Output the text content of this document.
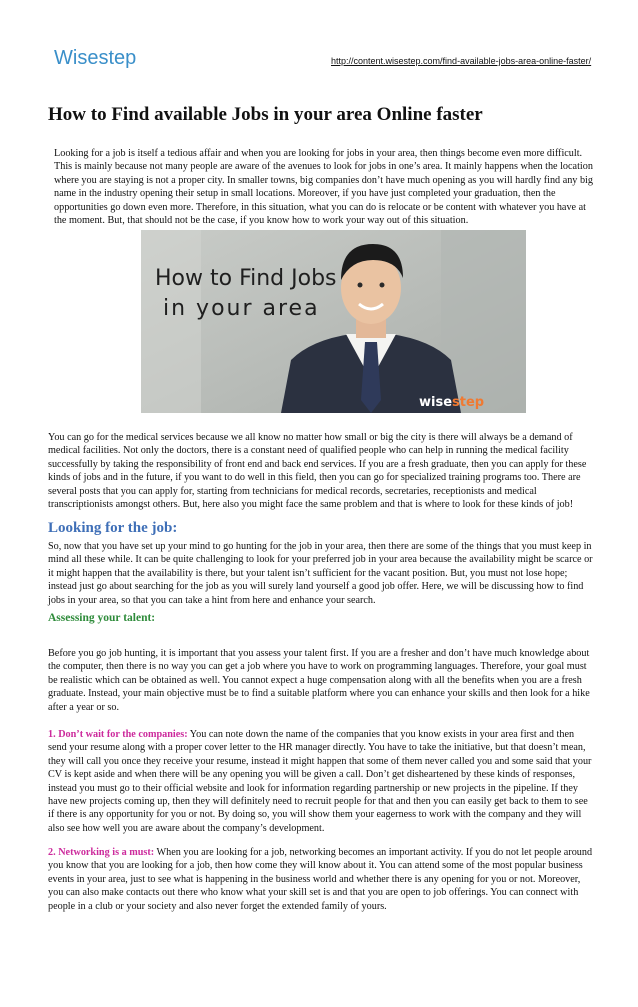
Wisestep	http://content.wisestep.com/find-available-jobs-area-online-faster/
How to Find available Jobs in your area Online faster

Looking for a job is itself a tedious affair and when you are looking for jobs in your area, then things become even more difficult. This is mainly because not many people are aware of the avenues to look for jobs in one’s area. It mainly happens when the location where you are staying is not a proper city. In smaller towns, big companies don’t have much opening as you will hardly find any big name in the industry opening their setup in small locations. Moreover, if you have just completed your graduation, then the opportunities go down even more. Therefore, in this situation, what you can do is relocate or be content with whatever you have at the moment. But, that should not be the case, if you know how to work your way out of this situation.

How to Find Jobs
in your area
wisestep

You can go for the medical services because we all know no matter how small or big the city is there will always be a demand of medical facilities. Not only the doctors, there is a constant need of qualified people who can help in running the medical facility successfully by taking the responsibility of front end and back end services. If you are a fresh graduate, then you can apply for these kinds of jobs and in the future, if you want to do well in this field, then you can go for specialized training programs too. There are several posts that you can apply for, starting from technicians for medical records, secretaries, receptionists and medical transcriptionists amongst others. But, here also you might face the same problem and that is where to look for these kinds of job!

Looking for the job:

So, now that you have set up your mind to go hunting for the job in your area, then there are some of the things that you must keep in mind all these while. It can be quite challenging to look for your preferred job in your area because the availability might be scarce or it might happen that the availability is there, but your talent isn’t sufficient for the vacant position. But, you must not lose hope; instead just go about searching for the job as you will surely land yourself a good job offer. Here, we will be discussing how to find jobs in your area, so that you can take a hint from here and enhance your search.

Assessing your talent:

Before you go job hunting, it is important that you assess your talent first. If you are a fresher and don’t have much knowledge about the computer, then there is no way you can get a job where you have to work on programming languages. Therefore, your goal must be realistic which can be obtained as well. You cannot expect a huge compensation along with all the benefits when you are a fresh graduate. Instead, your main objective must be to find a suitable platform where you can enhance your skills and then look for a hike after a year or so.

1. Don’t wait for the companies: You can note down the name of the companies that you know exists in your area first and then send your resume along with a proper cover letter to the HR manager directly. You have to take the initiative, but that doesn’t mean, they will call you once they receive your resume, instead it might happen that some of them never called you and some said that your CV is kept aside and when there will be any opening you will be given a call. Don’t get disheartened by these kinds of responses, instead you must go to their official website and look for information regarding partnership or new projects in the pipeline. If they have new projects coming up, then they will definitely need to recruit people for that and then you can easily get back to them to see if there is any opportunity for you or not. By doing so, you will show them your eagerness to work with the company and they will also see how well you are aware about the company’s development.

2. Networking is a must: When you are looking for a job, networking becomes an important activity. If you do not let people around you know that you are looking for a job, then how come they will know about it. You can attend some of the most popular business events in your area, just to see what is happening in the business world and whether there is any opening for you or not. Moreover, you can also make contacts out there who know what your skill set is and that you are open to job offerings. You can connect with people in a club or your society and also never forget the extended family of yours.
